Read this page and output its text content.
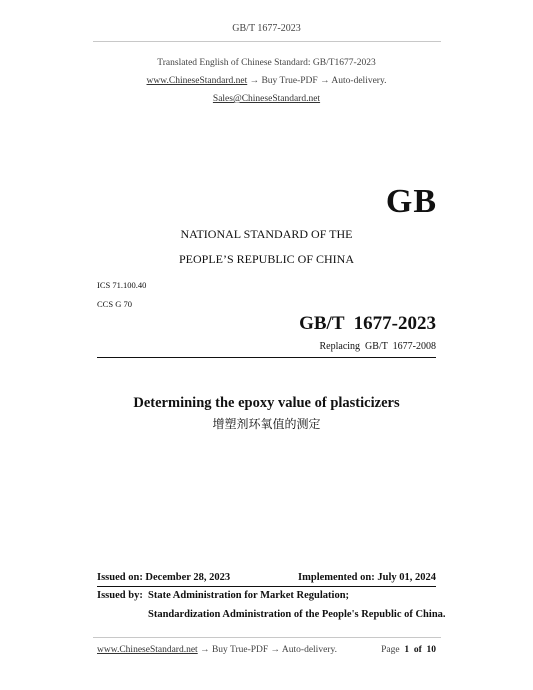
GB/T 1677-2023
Translated English of Chinese Standard: GB/T1677-2023
www.ChineseStandard.net → Buy True-PDF → Auto-delivery.
Sales@ChineseStandard.net
GB
NATIONAL STANDARD OF THE
PEOPLE’S REPUBLIC OF CHINA
ICS 71.100.40
CCS G 70
GB/T  1677-2023
Replacing  GB/T  1677-2008
Determining the epoxy value of plasticizers
增塑剂环氧值的测定
Issued on: December 28, 2023	Implemented on: July 01, 2024
Issued by: State Administration for Market Regulation;
Standardization Administration of the People's Republic of China.
www.ChineseStandard.net → Buy True-PDF → Auto-delivery.	Page 1 of 10
